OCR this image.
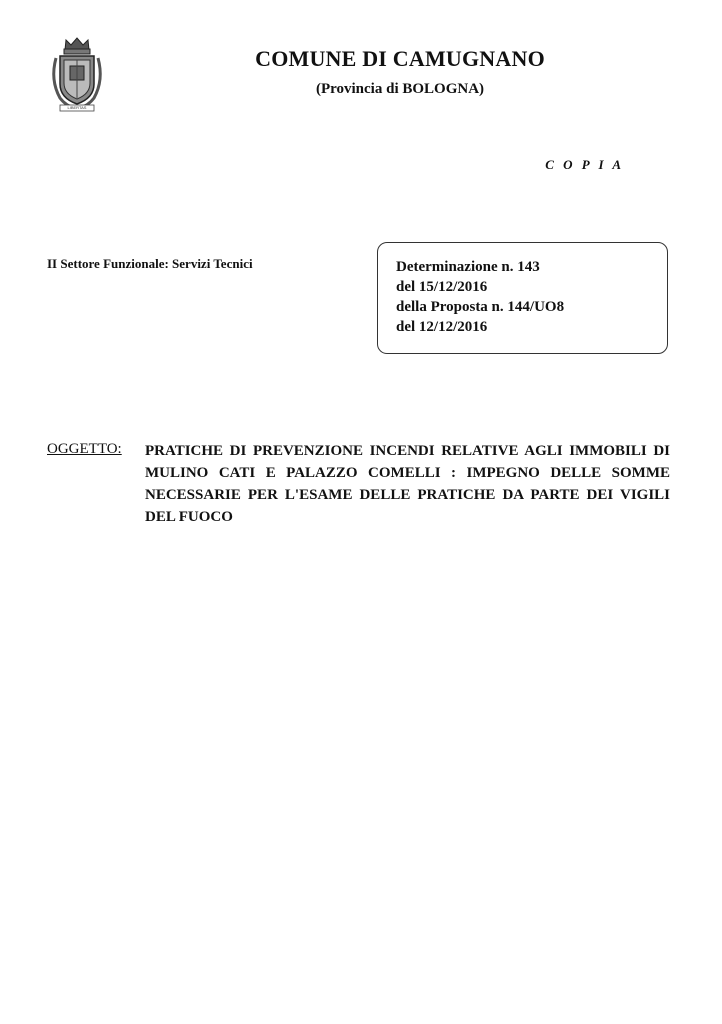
LIBERTAS
COMUNE DI CAMUGNANO
(Provincia di BOLOGNA)
C O P I A
II Settore Funzionale: Servizi Tecnici	Determinazione n. 143
del 15/12/2016
della Proposta n. 144/UO8
del 12/12/2016
OGGETTO: PRATICHE DI PREVENZIONE INCENDI RELATIVE AGLI IMMOBILI DI MULINO CATI E PALAZZO COMELLI : IMPEGNO DELLE SOMME NECESSARIE PER L'ESAME DELLE PRATICHE DA PARTE DEI VIGILI DEL FUOCO
